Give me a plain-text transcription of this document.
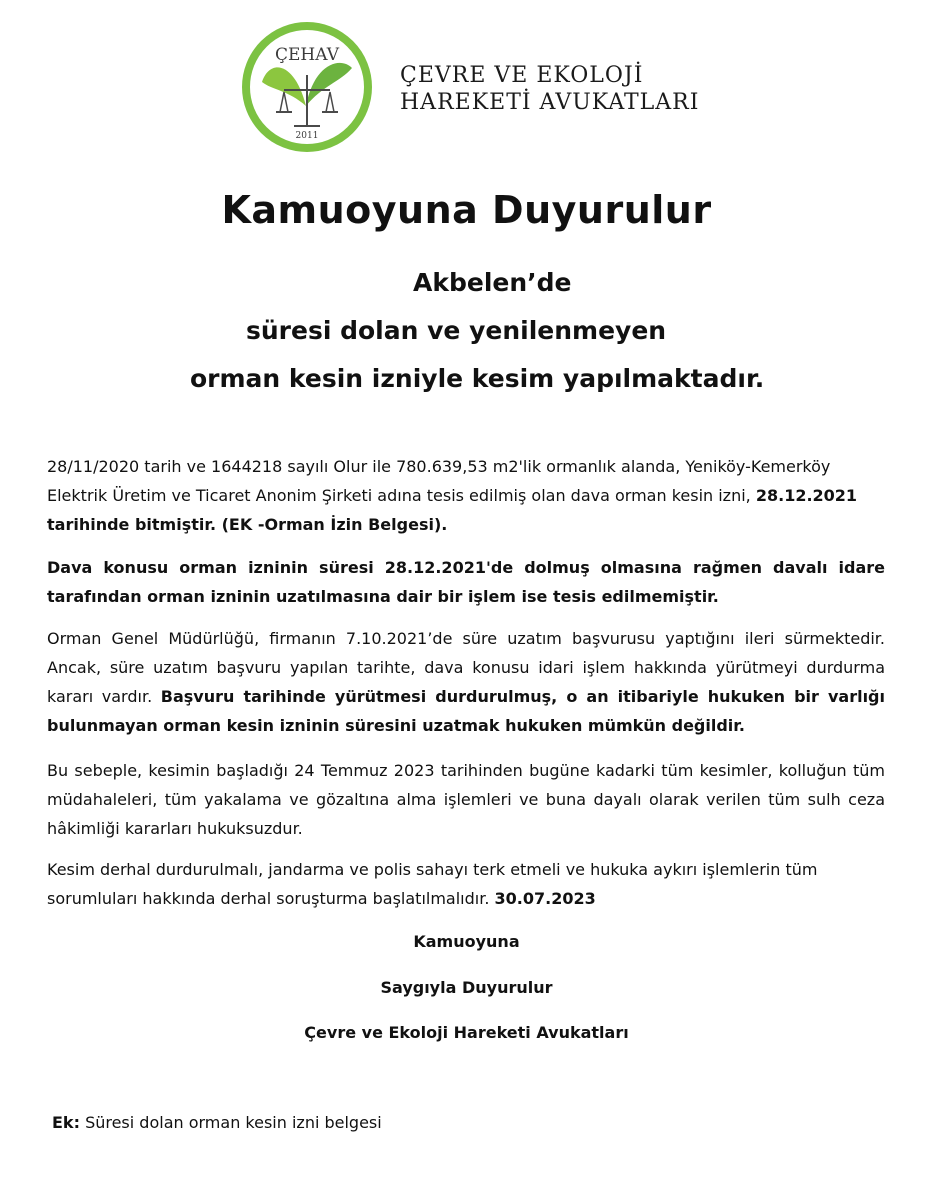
ÇEHAV
2011
ÇEVRE VE EKOLOJİ
HAREKETİ AVUKATLARI
Kamuoyuna Duyurulur
Akbelen’de
süresi dolan ve yenilenmeyen
orman kesin izniyle kesim yapılmaktadır.
28/11/2020 tarih ve 1644218 sayılı Olur ile 780.639,53 m2'lik ormanlık alanda, Yeniköy-Kemerköy Elektrik Üretim ve Ticaret Anonim Şirketi adına tesis edilmiş olan dava orman kesin izni, 28.12.2021 tarihinde bitmiştir. (EK -Orman İzin Belgesi).
Dava konusu orman izninin süresi 28.12.2021'de dolmuş olmasına rağmen davalı idare tarafından orman izninin uzatılmasına dair bir işlem ise tesis edilmemiştir.
Orman Genel Müdürlüğü, firmanın 7.10.2021’de süre uzatım başvurusu yaptığını ileri sürmektedir. Ancak, süre uzatım başvuru yapılan tarihte, dava konusu idari işlem hakkında yürütmeyi durdurma kararı vardır. Başvuru tarihinde yürütmesi durdurulmuş, o an itibariyle hukuken bir varlığı bulunmayan orman kesin izninin süresini uzatmak hukuken mümkün değildir.
Bu sebeple, kesimin başladığı 24 Temmuz 2023 tarihinden bugüne kadarki tüm kesimler, kolluğun tüm müdahaleleri, tüm yakalama ve gözaltına alma işlemleri ve buna dayalı olarak verilen tüm sulh ceza hâkimliği kararları hukuksuzdur.
Kesim derhal durdurulmalı, jandarma ve polis sahayı terk etmeli ve hukuka aykırı işlemlerin tüm sorumluları hakkında derhal soruşturma başlatılmalıdır. 30.07.2023
Kamuoyuna
Saygıyla Duyurulur
Çevre ve Ekoloji Hareketi Avukatları
Ek: Süresi dolan orman kesin izni belgesi
